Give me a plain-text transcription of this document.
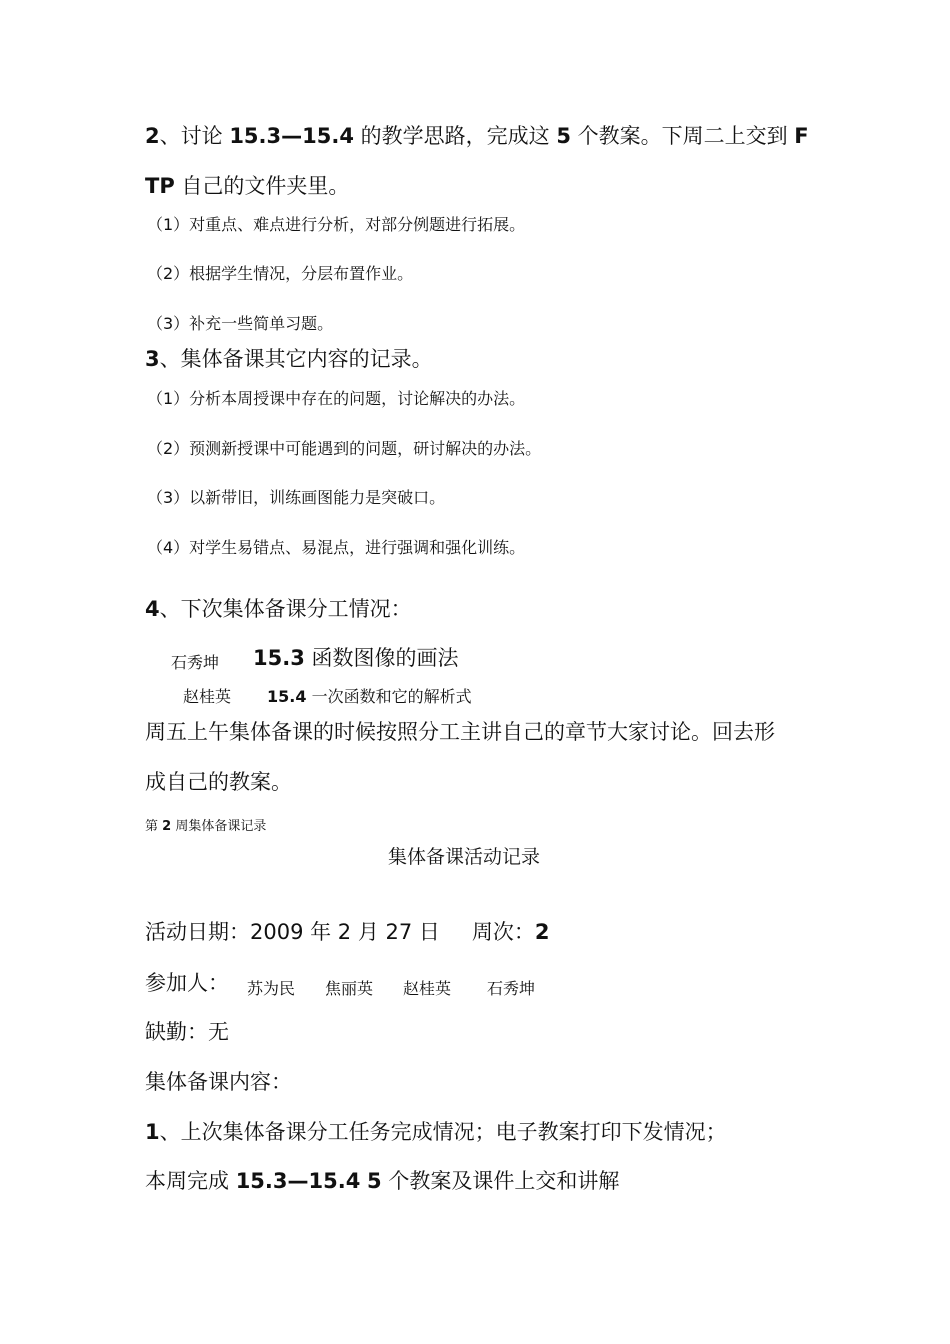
2、讨论 15.3—15.4 的教学思路，完成这 5 个教案。下周二上交到 F
TP 自己的文件夹里。
（1）对重点、难点进行分析，对部分例题进行拓展。
（2）根据学生情况，分层布置作业。
（3）补充一些简单习题。
3、集体备课其它内容的记录。
（1）分析本周授课中存在的问题，讨论解决的办法。
（2）预测新授课中可能遇到的问题，研讨解决的办法。
（3）以新带旧，训练画图能力是突破口。
（4）对学生易错点、易混点，进行强调和强化训练。
4、下次集体备课分工情况：
石秀坤 15.3 函数图像的画法
赵桂英 15.4 一次函数和它的解析式
周五上午集体备课的时候按照分工主讲自己的章节大家讨论。回去形
成自己的教案。
第 2 周集体备课记录
集体备课活动记录
活动日期：2009 年 2 月 27 日 周次：2
参加人： 苏为民 焦丽英 赵桂英 石秀坤
缺勤：无
集体备课内容：
1、上次集体备课分工任务完成情况；电子教案打印下发情况；
本周完成 15.3—15.4 5 个教案及课件上交和讲解
